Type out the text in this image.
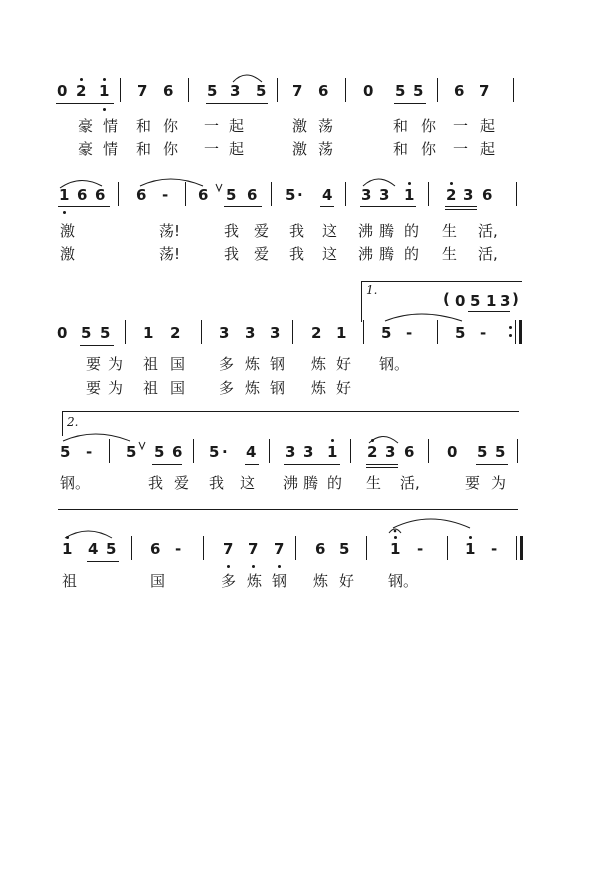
0 2 1 7 6 5 3 5 7 6 0 5 5 6 7
豪 情 和 你 一 起	激 荡	和 你 一 起
豪 情 和 你 一 起	激 荡	和 你 一 起
1 6 6 6 - 6 5 6 5 · 4 3 3 1 2 3 6
激	荡!	我 爱 我 这 沸 腾 的 生 活,
激	荡!	我 爱 我 这 沸 腾 的 生 活,
1.	( 0 5 1 3 )
0 5 5 1 2	3 3 3 2 1 5 -	5 -
要 为 祖 国 多 炼 钢 炼 好 钢。
要 为 祖 国 多 炼 钢 炼 好
2.
5 - 5 5 6 5 · 4 3 3 1 2 3 6 0 5 5
钢。	我 爱 我 这 沸 腾 的 生 活,	要 为
1 4 5 6 -	7 7 7 6 5	1 -	1 -
祖	国	多 炼 钢 炼 好 钢。
